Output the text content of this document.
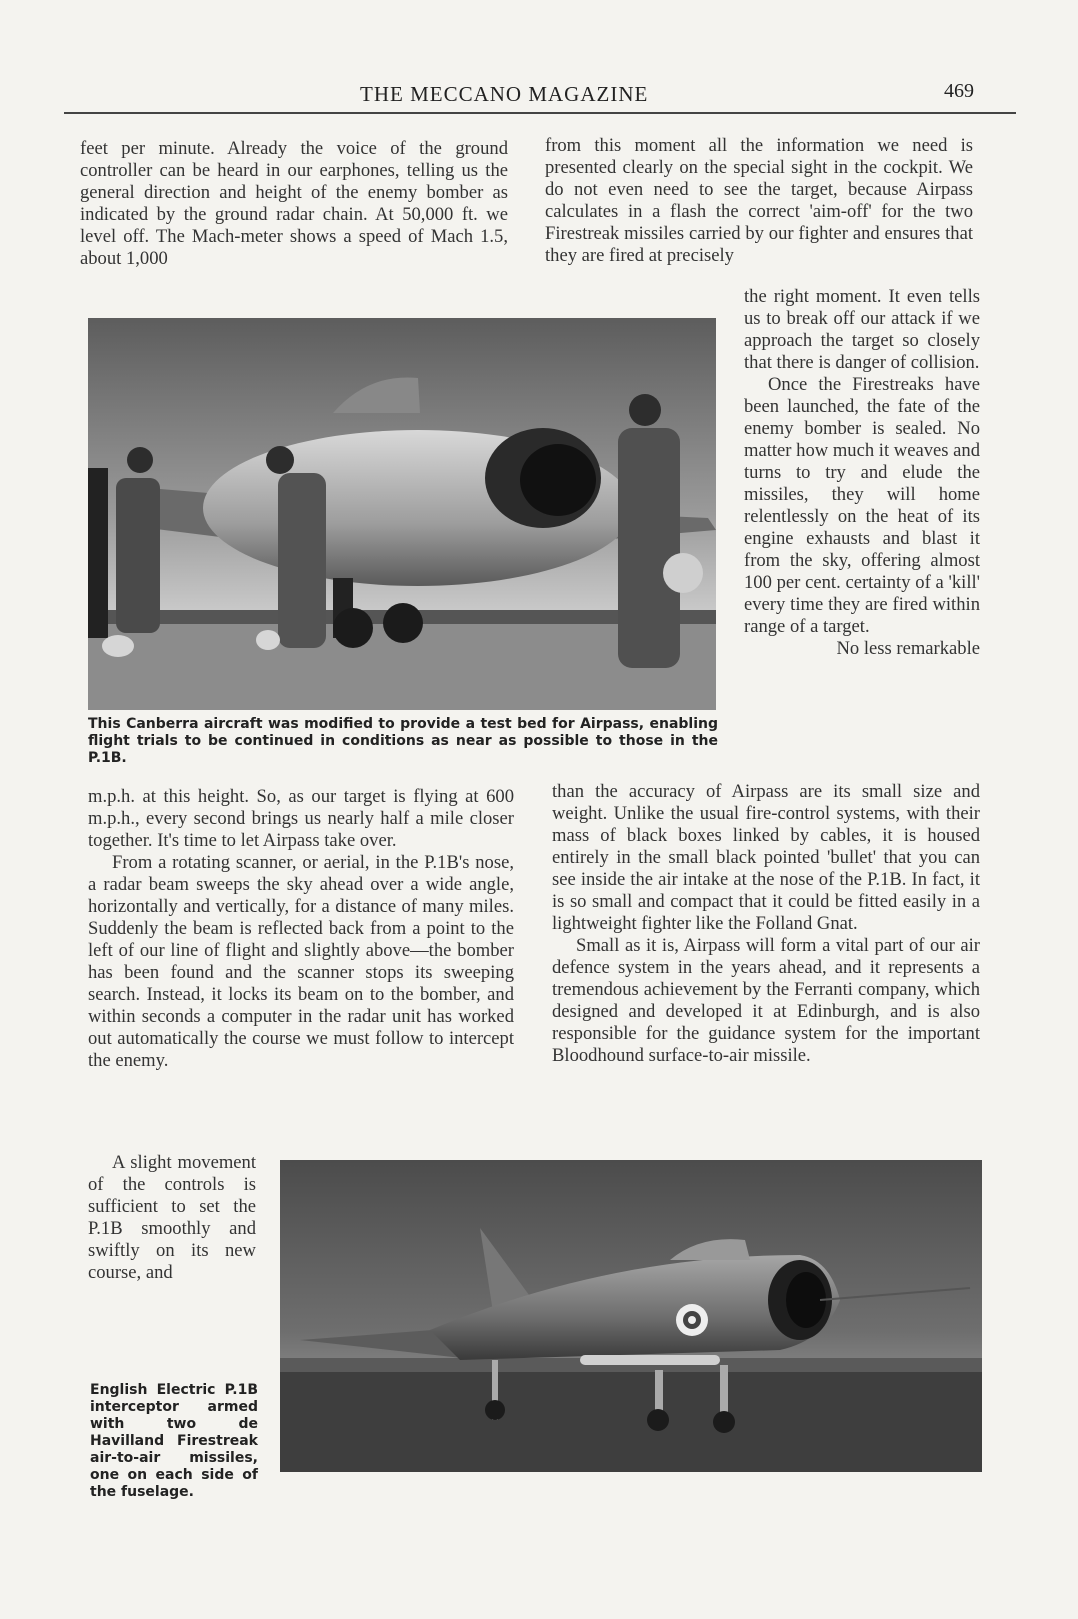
THE MECCANO MAGAZINE	469

feet per minute. Already the voice of the ground controller can be heard in our earphones, telling us the general direction and height of the enemy bomber as indicated by the ground radar chain. At 50,000 ft. we level off. The Mach-meter shows a speed of Mach 1.5, about 1,000

from this moment all the information we need is presented clearly on the special sight in the cockpit. We do not even need to see the target, because Airpass calculates in a flash the correct 'aim-off' for the two Firestreak missiles carried by our fighter and ensures that they are fired at precisely

This Canberra aircraft was modified to provide a test bed for Airpass, enabling flight trials to be continued in conditions as near as possible to those in the P.1B.

the right moment. It even tells us to break off our attack if we approach the target so closely that there is danger of collision.

Once the Firestreaks have been launched, the fate of the enemy bomber is sealed. No matter how much it weaves and turns to try and elude the missiles, they will home relentlessly on the heat of its engine exhausts and blast it from the sky, offering almost 100 per cent. certainty of a 'kill' every time they are fired within range of a target.

No less remarkable

m.p.h. at this height. So, as our target is flying at 600 m.p.h., every second brings us nearly half a mile closer together. It's time to let Airpass take over.

From a rotating scanner, or aerial, in the P.1B's nose, a radar beam sweeps the sky ahead over a wide angle, horizontally and vertically, for a distance of many miles. Suddenly the beam is reflected back from a point to the left of our line of flight and slightly above—the bomber has been found and the scanner stops its sweeping search. Instead, it locks its beam on to the bomber, and within seconds a computer in the radar unit has worked out automatically the course we must follow to intercept the enemy.

than the accuracy of Airpass are its small size and weight. Unlike the usual fire-control systems, with their mass of black boxes linked by cables, it is housed entirely in the small black pointed 'bullet' that you can see inside the air intake at the nose of the P.1B. In fact, it is so small and compact that it could be fitted easily in a lightweight fighter like the Folland Gnat.

Small as it is, Airpass will form a vital part of our air defence system in the years ahead, and it represents a tremendous achievement by the Ferranti company, which designed and developed it at Edinburgh, and is also responsible for the guidance system for the important Bloodhound surface-to-air missile.

A slight movement of the controls is sufficient to set the P.1B smoothly and swiftly on its new course, and

English Electric P.1B interceptor armed with two de Havilland Firestreak air-to-air missiles, one on each side of the fuselage.
